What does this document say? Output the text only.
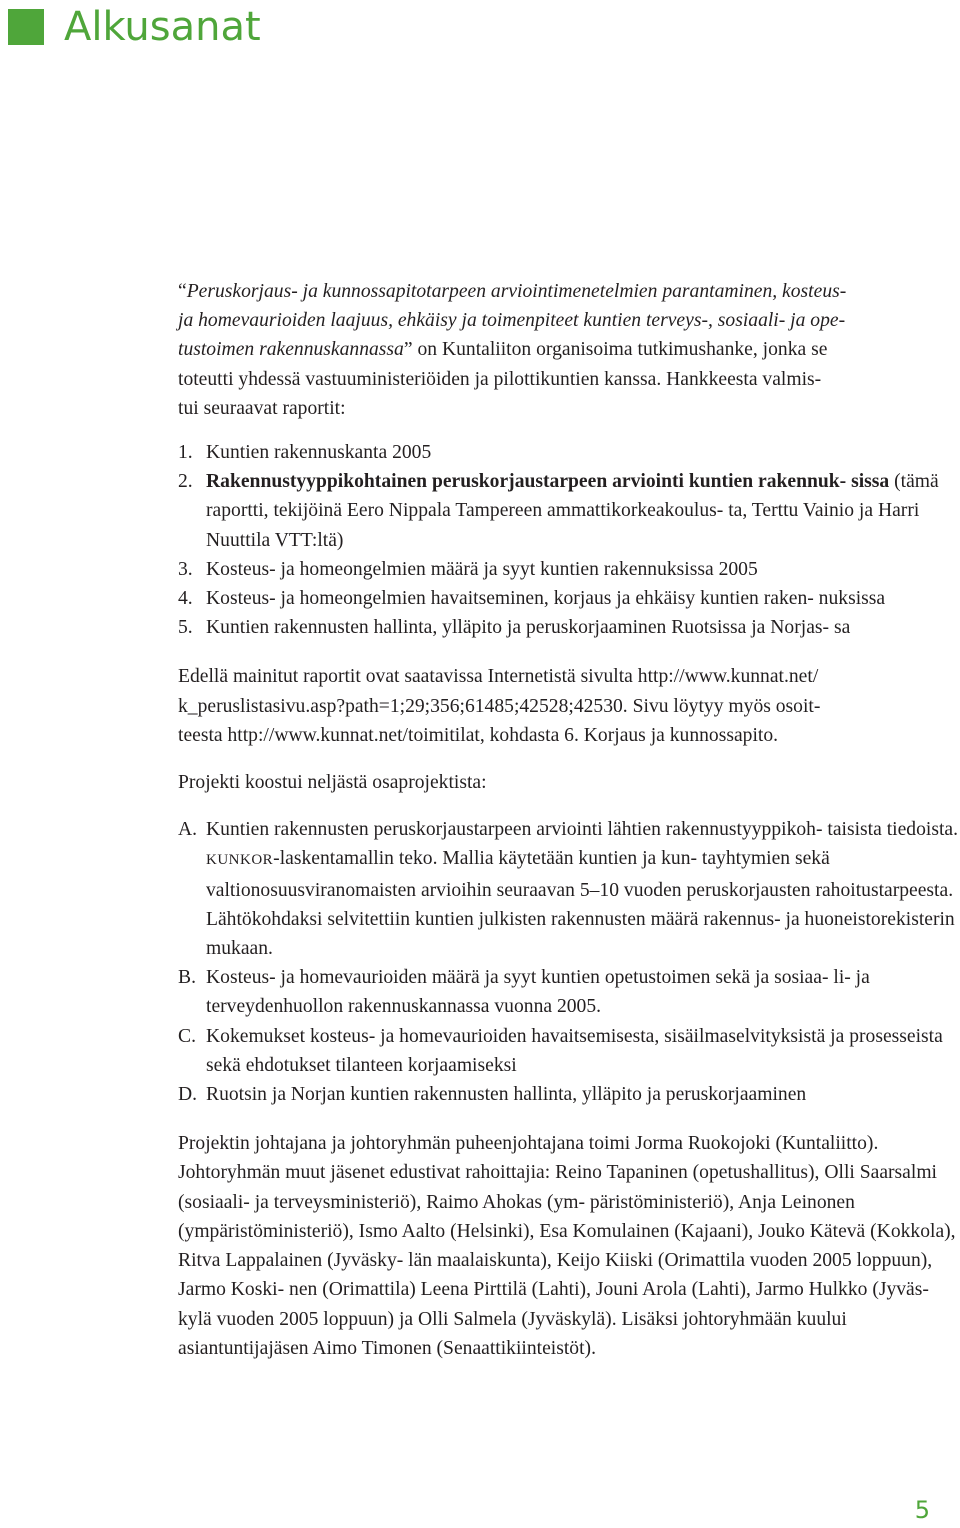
Alkusanat

“Peruskorjaus- ja kunnossapitotarpeen arviointimenetelmien parantaminen, kosteus-
ja homevaurioiden laajuus, ehkäisy ja toimenpiteet kuntien terveys-, sosiaali- ja ope-
tustoimen rakennuskannassa” on Kuntaliiton organisoima tutkimushanke, jonka se
toteutti yhdessä vastuuministeriöiden ja pilottikuntien kanssa. Hankkeesta valmis-
tui seuraavat raportit:

1. Kuntien rakennuskanta 2005
2. Rakennustyyppikohtainen peruskorjaustarpeen arviointi kuntien rakennuk- sissa (tämä raportti, tekijöinä Eero Nippala Tampereen ammattikorkeakoulus- ta, Terttu Vainio ja Harri Nuuttila VTT:ltä)
3. Kosteus- ja homeongelmien määrä ja syyt kuntien rakennuksissa 2005
4. Kosteus- ja homeongelmien havaitseminen, korjaus ja ehkäisy kuntien raken- nuksissa
5. Kuntien rakennusten hallinta, ylläpito ja peruskorjaaminen Ruotsissa ja Norjas- sa

Edellä mainitut raportit ovat saatavissa Internetistä sivulta http://www.kunnat.net/
k_peruslistasivu.asp?path=1;29;356;61485;42528;42530. Sivu löytyy myös osoit-
teesta http://www.kunnat.net/toimitilat, kohdasta 6. Korjaus ja kunnossapito.

Projekti koostui neljästä osaprojektista:

A. Kuntien rakennusten peruskorjaustarpeen arviointi lähtien rakennustyyppikoh- taisista tiedoista. KUNKOR-laskentamallin teko. Mallia käytetään kuntien ja kun- tayhtymien sekä valtionosuusviranomaisten arvioihin seuraavan 5–10 vuoden peruskorjausten rahoitustarpeesta. Lähtökohdaksi selvitettiin kuntien julkisten rakennusten määrä rakennus- ja huoneistorekisterin mukaan.
B. Kosteus- ja homevaurioiden määrä ja syyt kuntien opetustoimen sekä ja sosiaa- li- ja terveydenhuollon rakennuskannassa vuonna 2005.
C. Kokemukset kosteus- ja homevaurioiden havaitsemisesta, sisäilmaselvityksistä ja prosesseista sekä ehdotukset tilanteen korjaamiseksi
D. Ruotsin ja Norjan kuntien rakennusten hallinta, ylläpito ja peruskorjaaminen

Projektin johtajana ja johtoryhmän puheenjohtajana toimi Jorma Ruokojoki (Kuntaliitto). Johtoryhmän muut jäsenet edustivat rahoittajia: Reino Tapaninen (opetushallitus), Olli Saarsalmi (sosiaali- ja terveysministeriö), Raimo Ahokas (ym- päristöministeriö), Anja Leinonen (ympäristöministeriö), Ismo Aalto (Helsinki), Esa Komulainen (Kajaani), Jouko Kätevä (Kokkola), Ritva Lappalainen (Jyväsky- län maalaiskunta), Keijo Kiiski (Orimattila vuoden 2005 loppuun), Jarmo Koski- nen (Orimattila) Leena Pirttilä (Lahti), Jouni Arola (Lahti), Jarmo Hulkko (Jyväs- kylä vuoden 2005 loppuun) ja Olli Salmela (Jyväskylä). Lisäksi johtoryhmään kuului asiantuntijajäsen Aimo Timonen (Senaattikiinteistöt).

5
